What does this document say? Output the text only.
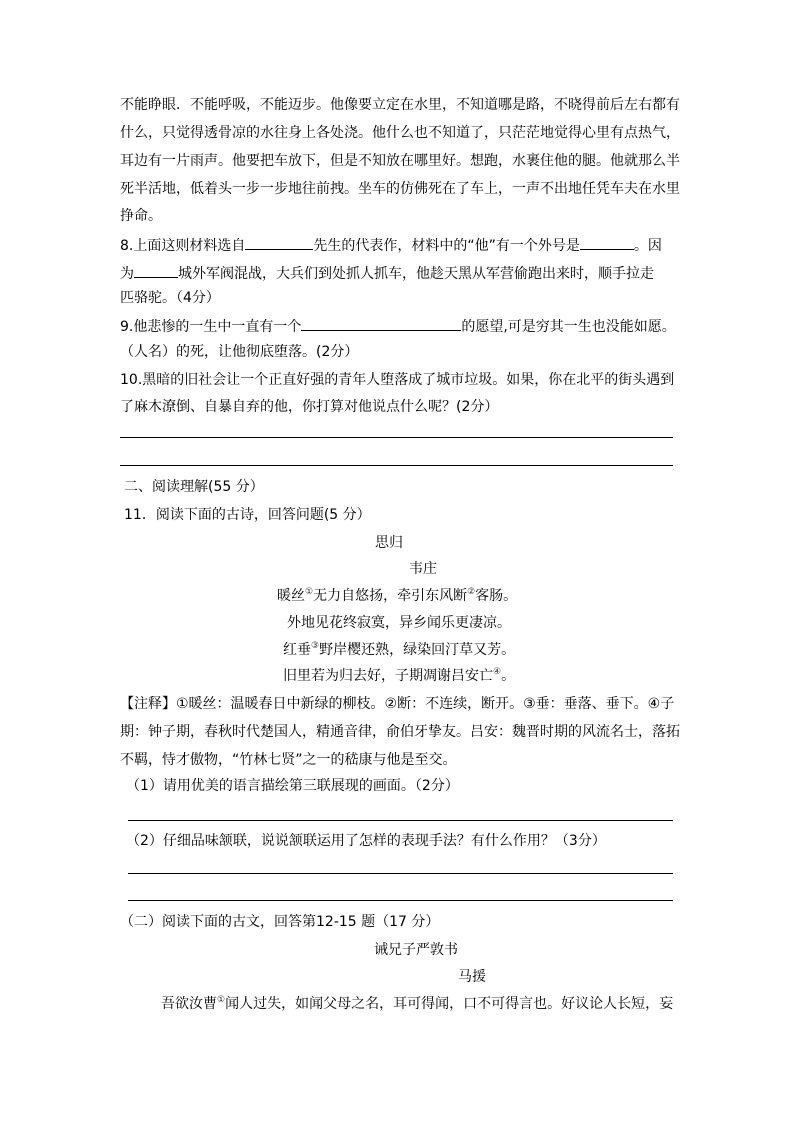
不能睁眼．不能呼吸，不能迈步。他像要立定在水里，不知道哪是路，不晓得前后左右都有
什么，只觉得透骨凉的水往身上各处浇。他什么也不知道了，只茫茫地觉得心里有点热气，
耳边有一片雨声。他要把车放下，但是不知放在哪里好。想跑，水裹住他的腿。他就那么半
死半活地，低着头一步一步地往前拽。坐车的仿佛死在了车上，一声不出地任凭车夫在水里
挣命。
8.上面这则材料选自	先生的代表作，材料中的“他”有一个外号是	。因
为	城外军阀混战，大兵们到处抓人抓车，他趁天黑从军营偷跑出来时，顺手拉走
匹骆驼。（4分）
9.他悲惨的一生中一直有一个	的愿望,可是穷其一生也没能如愿。
（人名）的死，让他彻底堕落。(2分）
10.黑暗的旧社会让一个正直好强的青年人堕落成了城市垃圾。如果，你在北平的街头遇到
了麻木潦倒、自暴自弃的他，你打算对他说点什么呢？(2分）
二、阅读理解(55 分）
11．阅读下面的古诗，回答问题(5 分）
思归
韦庄
暖丝①无力自悠扬，牵引东风断②客肠。
外地见花终寂寞，异乡闻乐更凄凉。
红垂③野岸樱还熟，绿染回汀草又芳。
旧里若为归去好，子期凋谢吕安亡④。
【注释】①暖丝：温暖春日中新绿的柳枝。②断：不连续，断开。③垂：垂落、垂下。④子
期：钟子期，春秋时代楚国人，精通音律，俞伯牙挚友。吕安：魏晋时期的风流名士，落拓
不羁，恃才傲物，“竹林七贤”之一的嵇康与他是至交。
（1）请用优美的语言描绘第三联展现的画面。（2分）
（2）仔细品味颔联，说说颔联运用了怎样的表现手法？有什么作用？（3分）
（二）阅读下面的古文，回答第12-15 题（17 分）
诫兄子严敦书
马援
吾欲汝曹①闻人过失，如闻父母之名，耳可得闻，口不可得言也。好议论人长短，妄
